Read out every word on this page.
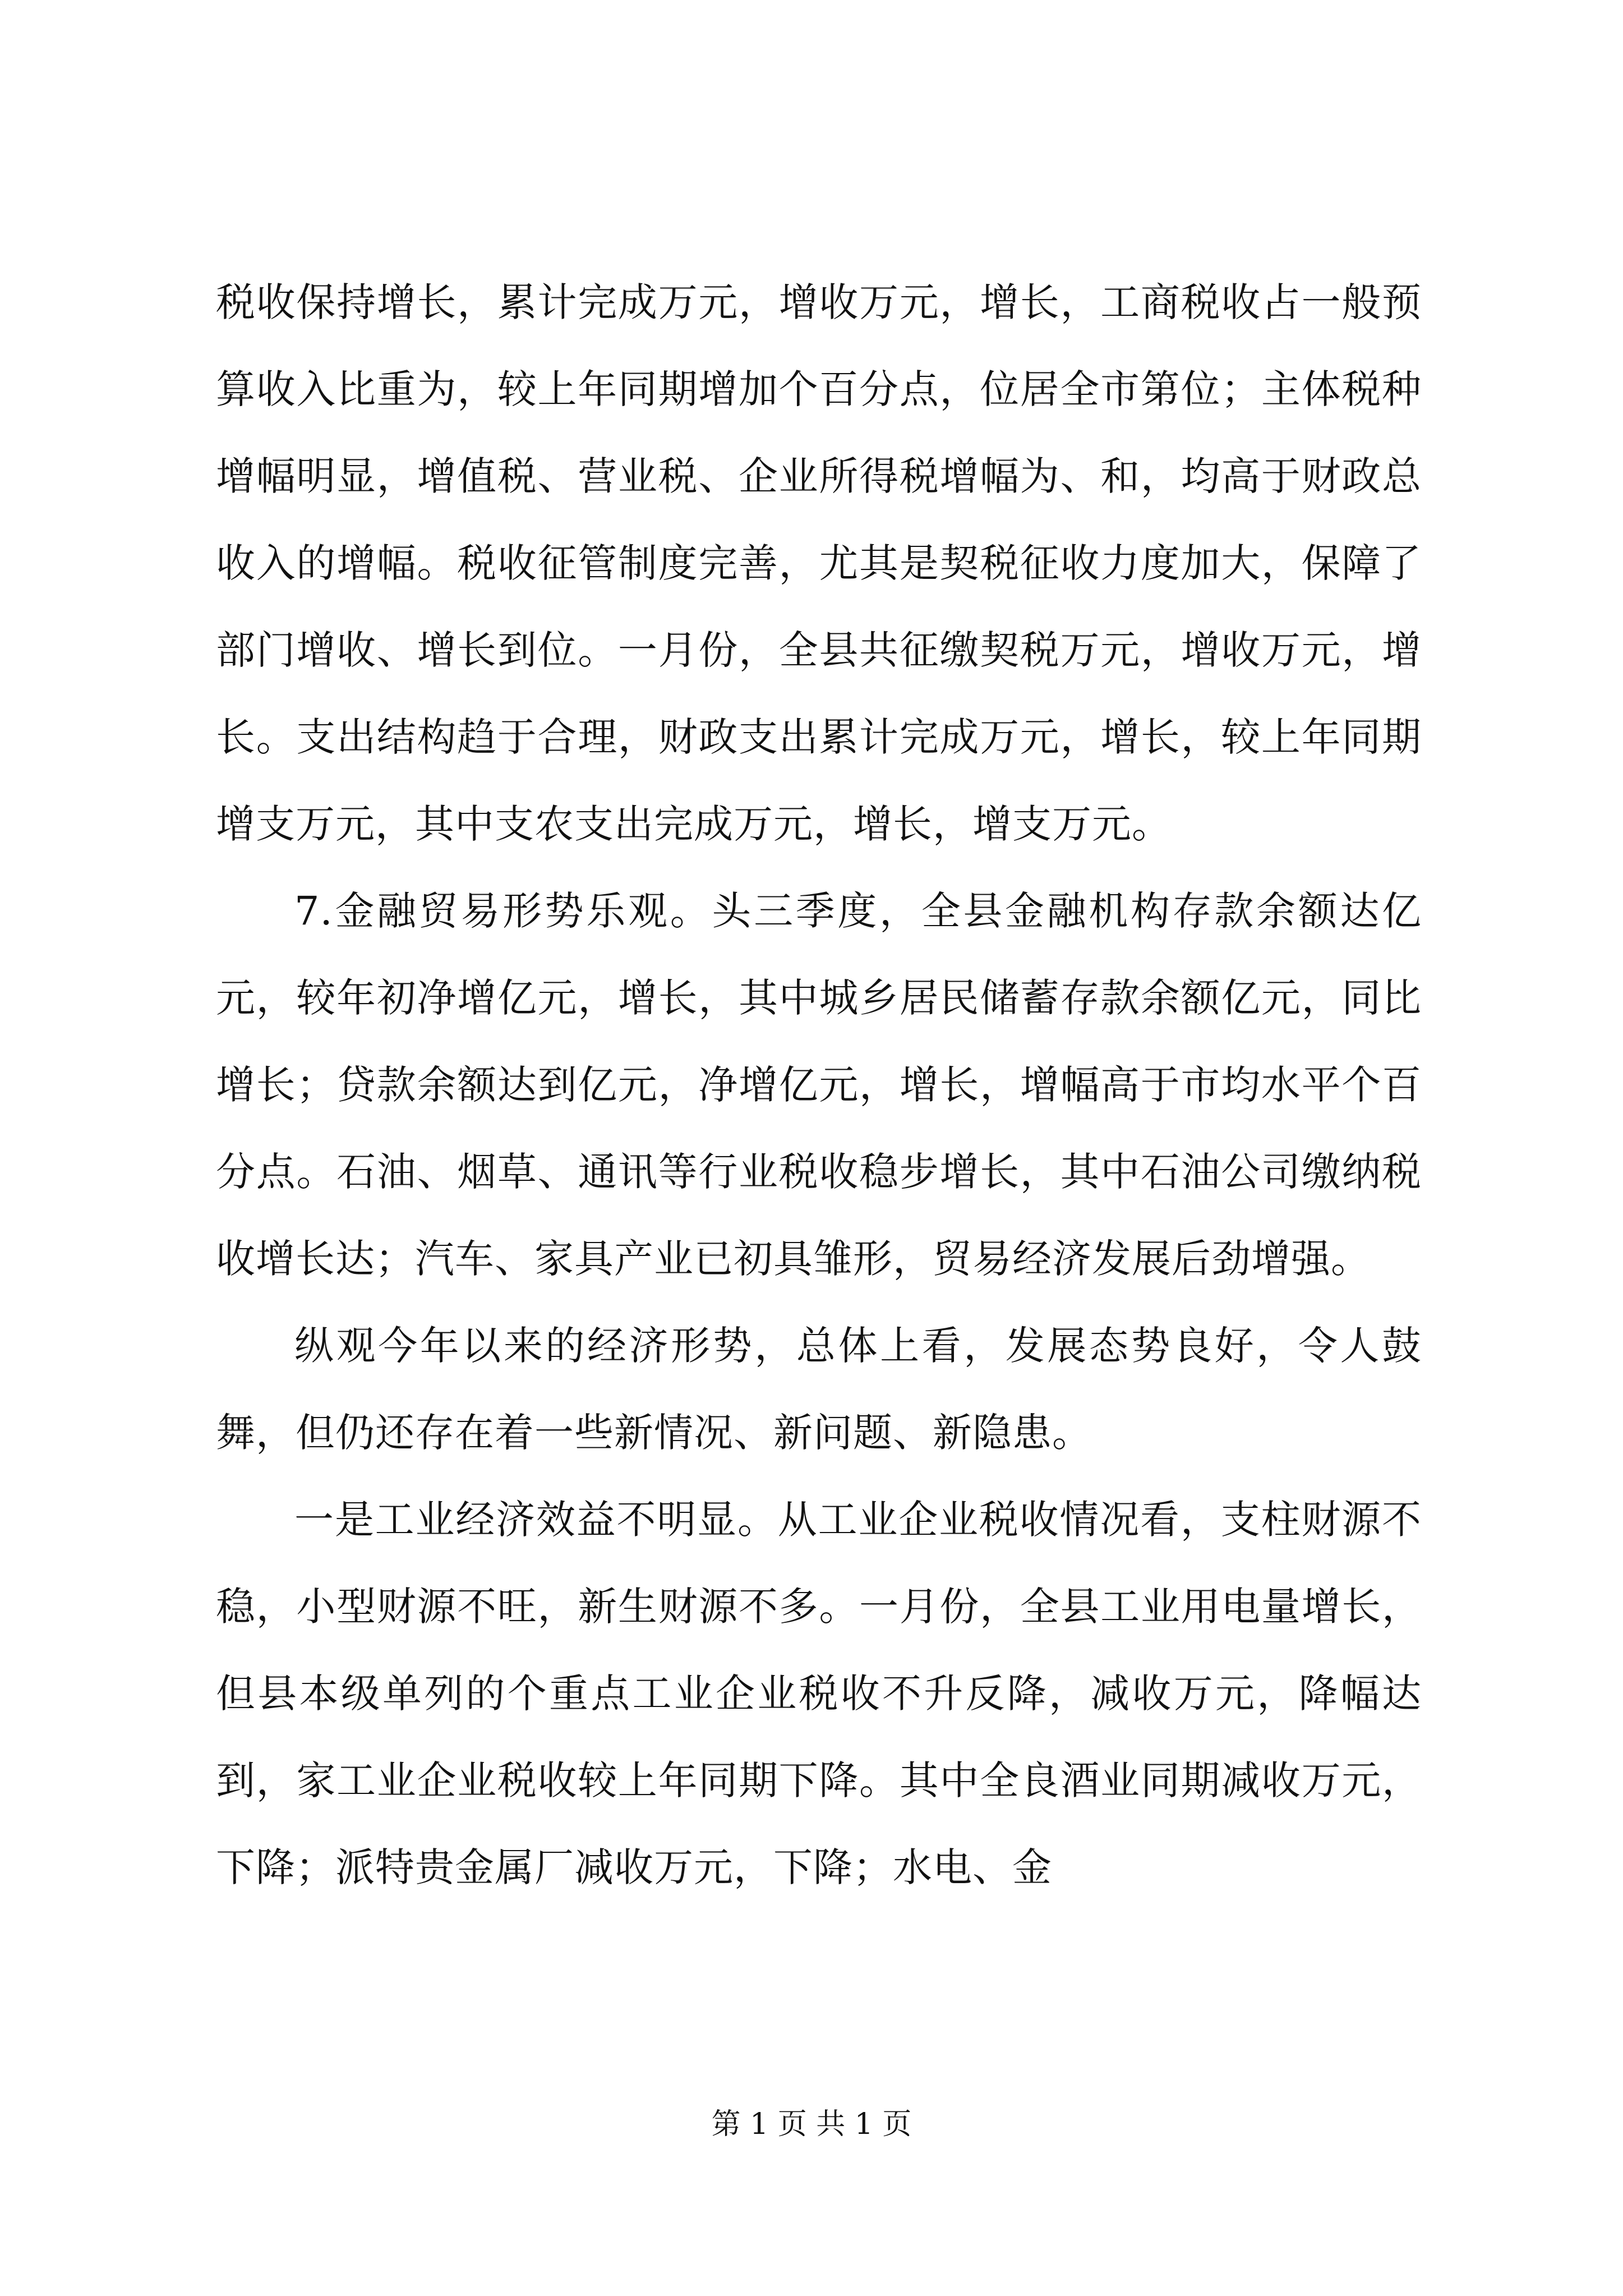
税收保持增长，累计完成万元，增收万元，增长，工商税收占一般预算收入比重为，较上年同期增加个百分点，位居全市第位；主体税种增幅明显，增值税、营业税、企业所得税增幅为、和，均高于财政总收入的增幅。税收征管制度完善，尤其是契税征收力度加大，保障了部门增收、增长到位。一月份，全县共征缴契税万元，增收万元，增长。支出结构趋于合理，财政支出累计完成万元，增长，较上年同期增支万元，其中支农支出完成万元，增长，增支万元。

7.金融贸易形势乐观。头三季度，全县金融机构存款余额达亿元，较年初净增亿元，增长，其中城乡居民储蓄存款余额亿元，同比增长；贷款余额达到亿元，净增亿元，增长，增幅高于市均水平个百分点。石油、烟草、通讯等行业税收稳步增长，其中石油公司缴纳税收增长达；汽车、家具产业已初具雏形，贸易经济发展后劲增强。

纵观今年以来的经济形势，总体上看，发展态势良好，令人鼓舞，但仍还存在着一些新情况、新问题、新隐患。

一是工业经济效益不明显。从工业企业税收情况看，支柱财源不稳，小型财源不旺，新生财源不多。一月份，全县工业用电量增长，但县本级单列的个重点工业企业税收不升反降，减收万元，降幅达到，家工业企业税收较上年同期下降。其中全良酒业同期减收万元，下降；派特贵金属厂减收万元，下降；水电、金

第 1 页 共 1 页
